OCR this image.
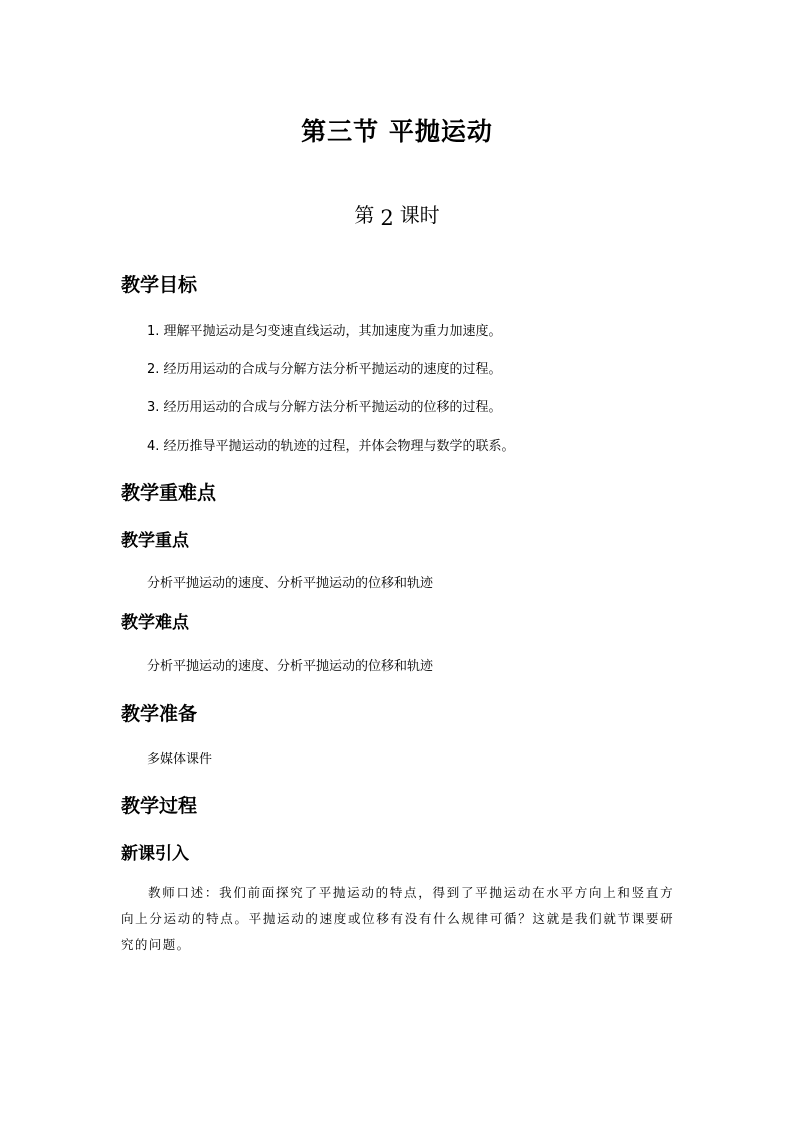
第三节 平抛运动
第 2 课时
教学目标
1. 理解平抛运动是匀变速直线运动，其加速度为重力加速度。
2. 经历用运动的合成与分解方法分析平抛运动的速度的过程。
3. 经历用运动的合成与分解方法分析平抛运动的位移的过程。
4. 经历推导平抛运动的轨迹的过程，并体会物理与数学的联系。
教学重难点
教学重点
分析平抛运动的速度、分析平抛运动的位移和轨迹
教学难点
分析平抛运动的速度、分析平抛运动的位移和轨迹
教学准备
多媒体课件
教学过程
新课引入
教师口述：我们前面探究了平抛运动的特点，得到了平抛运动在水平方向上和竖直方向上分运动的特点。平抛运动的速度或位移有没有什么规律可循？这就是我们就节课要研究的问题。
